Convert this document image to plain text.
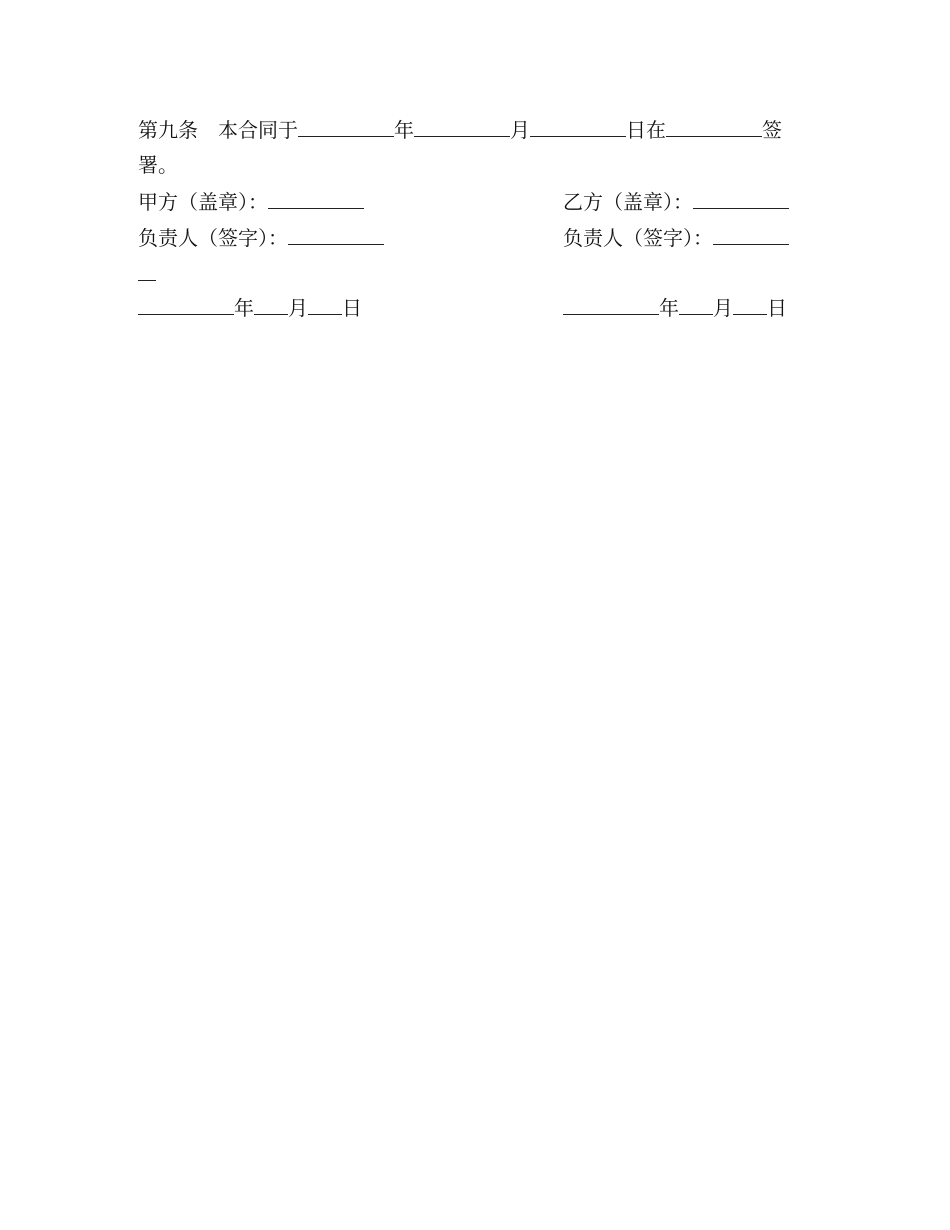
第九条　本合同于	年	月	日在	签
署。
甲方（盖章）：	乙方（盖章）：
负责人（签字）：	负责人（签字）：
年 月 日	年 月 日
